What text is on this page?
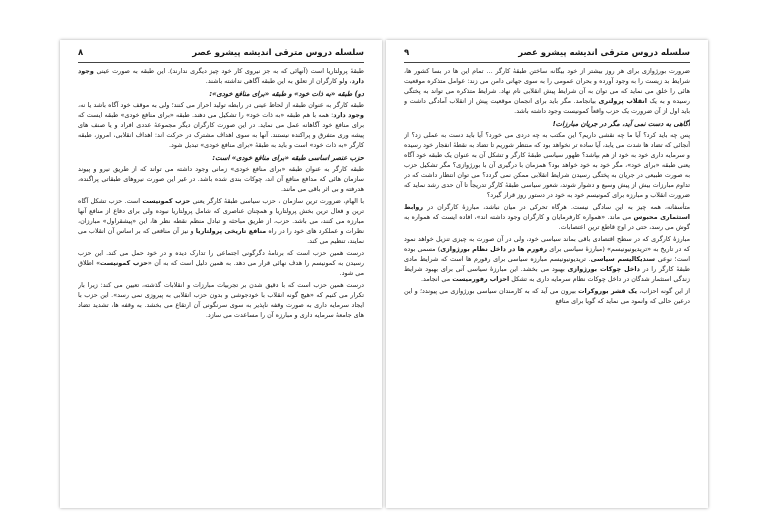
سلسله دروس مترقی اندیشه پیشرو عصر
۸

طبقهٔ پرولتاریا است (آنهائی که به جز نیروی کار خود چیز دیگری ندارند). این طبقه به صورت عینی وجود دارد، ولو کارگران از تعلق به این طبقه آگاهی نداشته باشند.

دو) طبقه «به ذات خود» و طبقه «برای منافع خودی»:

طبقه کارگر به عنوان طبقه از لحاظ عینی در رابطه تولید احراز می کنند؛ ولی به موقف خود آگاه باشد یا نه، وجود دارد: همه با هم طبقه «به ذات خود» را تشکیل می دهند. طبقه «برای منافع خودی» طبقه ایست که برای منافع خود آگاهانه عمل می نماید. در این صورت کارگران دیگر مجموعهٔ عددی افراد و یا صنف های پیشه وری متفرق و پراکنده نیستند. آنها به سوی اهداف مشترک در حرکت اند: اهداف انقلابی، امروز، طبقه کارگر «به ذات خود» است و باید به طبقهٔ «برای منافع خودی» تبدیل شود.

حزب عنصر اساسی طبقه «برای منافع خودی» است:

طبقه کارگر به عنوان طبقه «برای منافع خودی» زمانی وجود داشته می تواند که از طریق نیرو و پیوند سازمان هائی که مدافع منافع آن اند، چوکات بندی شده باشد. در غیر این صورت نیروهای طبقاتی پراگنده، هدرفته و بی اثر باقی می مانند.

با الهام، ضرورت ترین سازمان ، حزب سیاسی طبقهٔ کارگر یعنی حزب کمونیست است. حزب تشکل آگاه ترین و فعال ترین بخش پرولتاریا و همچنان عناصری که شامل پرولتاریا نبوده ولی برای دفاع از منافع آنها مبارزه می کنند، می باشد. حزب، از طریق مباحثه و تبادل منظم نقطه نظر ها، این «پیشقراول» مبارزان، نظرات و عملکرد های خود را در راه منافع تاریخی پرولتاریا و نیز آن منافعی که بر اساس آن انقلاب می نمایند، تنظیم می کند.

درست همین حزب است که برنامهٔ دگرگونی اجتماعی را تدارک دیده و در خود حمل می کند. این حزب رسیدن به کمونیسم را هدف نهائی قرار می دهد. به همین دلیل است که به آن «حزب کمونیست» اطلاق می شود.

درست همین حزب است که با دقیق شدن بر تجربیات مبارزات و انقلابات گذشته، تعیین می کند: زیرا بار تکرار می کنیم که «هیچ گونه انقلاب با خودجوشی و بدون حزب انقلابی به پیروزی نمی رسد». این حزب با ایجاد سرمایه داری به صورت وقفه ناپذیر به سوی سرنگونی آن ارتقاع می بخشد. به وقفه ها، تشدید تضاد های جامعهٔ سرمایه داری و مبارزه آن را مساعدت می سازد.

سلسله دروس مترقی اندیشه پیشرو عصر
۹

ضرورت بورژوازی برای هر روز بیشتر از خود بیگانه ساختن طبقهٔ کارگر … تمام این ها در بسا کشور ها، شرایط بد زیست را به وجود آورده و بحران عمومی را به سوی جهانی دامن می زند: عوامل متذکره موقعیت هائی را خلق می نماید که می توان به آن شرایط پیش انقلابی نام نهاد. شرایط متذکره می تواند به پختگی رسیده و به یک انقلاب پرولتری بیانجامد. مگر باید برای انجمان موقعیت پیش از انقلاب آمادگی داشت و باید اول از آن ضرورت یک حزب واقعاً کمونیست وجود داشته باشد.

آگاهی به دست نمی آید، مگر در جریان مبارزات!

پس چه باید کرد؟ آیا ما چه نقشی داریم؟ این مکتب به چه دردی می خورد؟ آیا باید دست به عملی زد؟ از آنجائی که تضاد ها شدت می یابد، آیا ساده تر نخواهد بود که منتظر شوریم تا تضاد به نقطهٔ انفجار خود رسیده و سرمایه داری خود به خود از هم بپاشد؟ ظهور سیاسی طبقهٔ کارگر و تشکل آن به عنوان یک طبقه خود آگاه یعنی طبقه «برای خود»، مگر خود به خود خواهد بود؟ همزمان با درگیری آن با بورژوازی؟ مگر تشکیل حزب به صورت طبیعی در جریان به پختگی رسیدن شرایط انقلابی ممکن نمی گردد؟ می توان انتظار داشت که در تداوم مبارزات بیش از پیش وسیع و دشوار شوند، شعور سیاسی طبقهٔ کارگر تدریجاً تا آن حدی رشد نماید که ضرورت انقلاب و مبارزه برای کمونیسم خود به خود در دستور روز قرار گیرد؟

متأسفانه، همه چیز به این سادگی نیست. هرگاه تحرکی در میان نباشد، مبارزهٔ کارگران در روابط استثماری محبوس می ماند. «همواره کارفرمایان و کارگران وجود داشته اند»، افاده ایست که همواره به گوش می رسد، حتی در اوج قاطع ترین اعتصابات.

مبارزهٔ کارگری که در سطح اقتصادی باقی بماند سیاسی خود، ولی در آن صورت به چیزی تنزیل خواهد نمود که در تاریخ به «تریدیونیونیسم» (مبارزهٔ سیاسی برای رفورم ها در داخل نظام بورژوازی) مسمی بوده است؛ نوعی سندیکالیسم سیاسی. تریدیونیونیسم مبارزه سیاسی برای رفورم ها است که شرایط مادی طبقهٔ کارگر را در داخل چوکات بورژوازی بهبود می بخشد. این مبارزهٔ سیاسی آنی برای بهبود شرایط زندگی استثمار شدگان در داخل چوکات نظام سرمایه داری به تشکل احزاب رفورمیست می انجامد.

از این گونه احزاب، یک قشر بوروکرات بیرون می آید که به کارمندان سیاسی بورژوازی می پیوندد؛ و این درعین حالی که وانمود می نماید که گویا برای منافع
